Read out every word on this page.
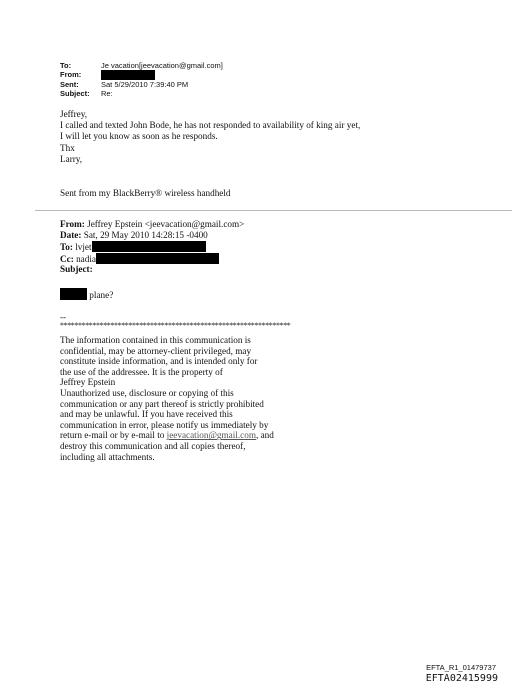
To:	Je vacation[jeevacation@gmail.com]
From:
Sent:	Sat 5/29/2010 7:39:40 PM
Subject: Re:
Jeffrey,
I called and texted John Bode, he has not responded to availability of king air yet,
I will let you know as soon as he responds.
Thx
Larry,
Sent from my BlackBerry® wireless handheld
From: Jeffrey Epstein <jeevacation@gmail.com>
Date: Sat, 29 May 2010 14:28:15 -0400
To: lvjet
Cc: nadia
Subject:
plane?
--
****************************************************************
The information contained in this communication is
confidential, may be attorney-client privileged, may
constitute inside information, and is intended only for
the use of the addressee. It is the property of
Jeffrey Epstein
Unauthorized use, disclosure or copying of this
communication or any part thereof is strictly prohibited
and may be unlawful. If you have received this
communication in error, please notify us immediately by
return e-mail or by e-mail to jeevacation@gmail.com, and
destroy this communication and all copies thereof,
including all attachments.
EFTA_R1_01479737
EFTA02415999
